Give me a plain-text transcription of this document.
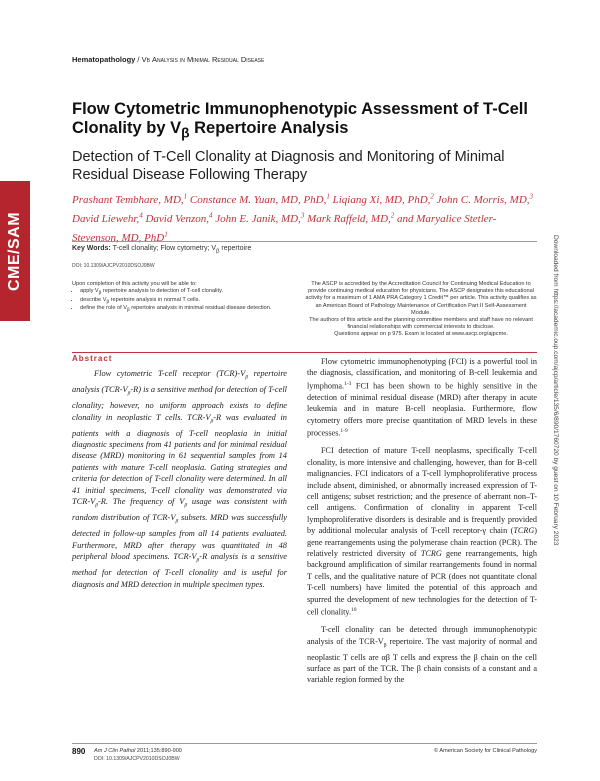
CME/SAM
Hematopathology / Vβ Analysis in Minimal Residual Disease
Flow Cytometric Immunophenotypic Assessment of T-Cell Clonality by $V_\beta$ Repertoire Analysis
Detection of T-Cell Clonality at Diagnosis and Monitoring of Minimal Residual Disease Following Therapy
Prashant Tembhare, MD,$^1$ Constance M. Yuan, MD, PhD,$^1$ Liqiang Xi, MD, PhD,$^2$ John C. Morris, MD,$^3$ David Liewehr,$^4$ David Venzon,$^4$ John E. Janik, MD,$^3$ Mark Raffeld, MD,$^2$ and Maryalice Stetler-Stevenson, MD, PhD$^1$
Key Words: T-cell clonality; Flow cytometry; $V_\beta$ repertoire
DOI: 10.1309/AJCPV2010DSOJ0BW
Upon completion of this activity you will be able to:
• apply $V_\beta$ repertoire analysis to detection of T-cell clonality.
• describe $V_\beta$ repertoire analysis in normal T cells.
• define the role of $V_\beta$ repertoire analysis in minimal residual disease detection.

The ASCP is accredited by the Accreditation Council for Continuing Medical Education to provide continuing medical education for physicians. The ASCP designates this educational activity for a maximum of 1 AMA PRA Category 1 Credit™ per article. This activity qualifies as an American Board of Pathology Maintenance of Certification Part II Self-Assessment Module.

The authors of this article and the planning committee members and staff have no relevant financial relationships with commercial interests to disclose.

Questions appear on p 975. Exam is located at www.ascp.org/ajpcme.

Abstract

Flow cytometric T-cell receptor $(TCR)-V_\beta$ repertoire analysis $(TCR-V_\beta-R)$ is a sensitive method for detection of T-cell clonality; however, no uniform approach exists to define clonality in neoplastic T cells. TCR-$V_\beta-R$ was evaluated in patients with a diagnosis of T-cell neoplasia in initial diagnostic specimens from 41 patients and for minimal residual disease (MRD) monitoring in 61 sequential samples from 14 patients with mature T-cell neoplasia. Gating strategies and criteria for detection of T-cell clonality were determined. In all 41 initial specimens, T-cell clonality was demonstrated via TCR-$V_\beta-R$. The frequency of $V_\beta$ usage was consistent with random distribution of TCR-$V_\beta$ subsets. MRD was successfully detected in follow-up samples from all 14 patients evaluated. Furthermore, MRD after therapy was quantitated in 48 peripheral blood specimens. TCR-$V_\beta-R$ analysis is a sensitive method for detection of T-cell clonality and is useful for diagnosis and MRD detection in multiple specimen types.

Flow cytometric immunophenotyping (FCI) is a powerful tool in the diagnosis, classification, and monitoring of B-cell leukemia and lymphoma.$^{1-3}$ FCI has been shown to be highly sensitive in the detection of minimal residual disease (MRD) after therapy in acute leukemia and in mature B-cell neoplasia. Furthermore, flow cytometry offers more precise quantitation of MRD levels in these processes.$^{1-9}$

FCI detection of mature T-cell neoplasms, specifically T-cell clonality, is more intensive and challenging, however, than for B-cell malignancies. FCI indicators of a T-cell lymphoproliferative process include absent, diminished, or abnormally increased expression of T-cell antigens; subset restriction; and the presence of aberrant non–T-cell antigens. Confirmation of clonality in apparent T-cell lymphoproliferative disorders is desirable and is frequently provided by additional molecular analysis of T-cell receptor-γ chain (TCRG) gene rearrangements using the polymerase chain reaction (PCR). The relatively restricted diversity of TCRG gene rearrangements, high background amplification of similar rearrangements found in normal T cells, and the qualitative nature of PCR (does not quantitate clonal T-cell numbers) have limited the potential of this approach and spurred the development of new technologies for the detection of T-cell clonality.$^{10}$

T-cell clonality can be detected through immunophenotypic analysis of the TCR-$V_\beta$ repertoire. The vast majority of normal and neoplastic T cells are αβ T cells and express the β chain on the cell surface as part of the TCR. The β chain consists of a constant and a variable region formed by the

Downloaded from https://academic.oup.com/ajcp/article/135/6/890/1760720 by guest on 10 February 2023
890 Am J Clin Pathol 2011;135:890-900
DOI: 10.1309/AJCPV2010DSOJ0BW
© American Society for Clinical Pathology
